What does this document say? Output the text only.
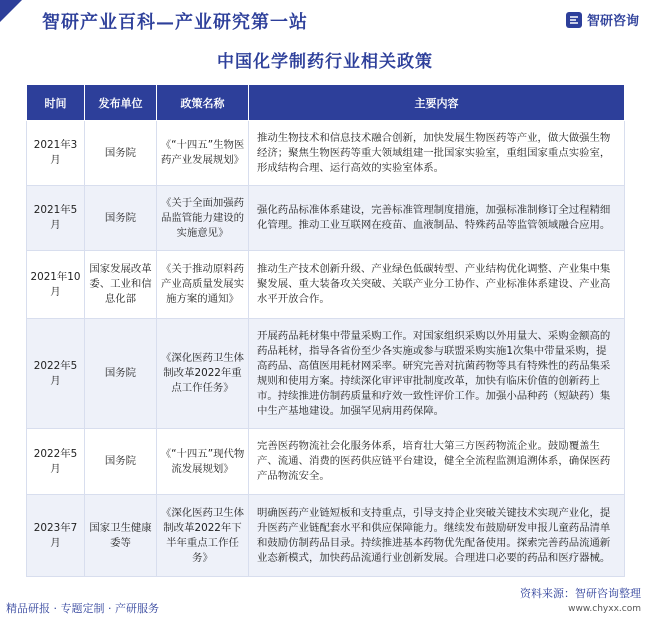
智研产业百科—产业研究第一站	智研咨询
中国化学制药行业相关政策
时间	发布单位	政策名称	主要内容
2021年3月	国务院	《“十四五”生物医药产业发展规划》	推动生物技术和信息技术融合创新，加快发展生物医药等产业，做大做强生物经济；聚焦生物医药等重大领域组建一批国家实验室，重组国家重点实验室，形成结构合理、运行高效的实验室体系。
2021年5月	国务院	《关于全面加强药品监管能力建设的实施意见》	强化药品标准体系建设，完善标准管理制度措施，加强标准制修订全过程精细化管理。推动工业互联网在疫苗、血液制品、特殊药品等监管领域融合应用。
2021年10月	国家发展改革委、工业和信息化部	《关于推动原料药产业高质量发展实施方案的通知》	推动生产技术创新升级、产业绿色低碳转型、产业结构优化调整、产业集中集聚发展、重大装备攻关突破、关联产业分工协作、产业标准体系建设、产业高水平开放合作。
2022年5月	国务院	《深化医药卫生体制改革2022年重点工作任务》	开展药品耗材集中带量采购工作。对国家组织采购以外用量大、采购金额高的药品耗材，指导各省份至少各实施或参与联盟采购实施1次集中带量采购，提高药品、高值医用耗材网采率。研究完善对抗菌药物等具有特殊性的药品集采规则和使用方案。持续深化审评审批制度改革，加快有临床价值的创新药上市。持续推进仿制药质量和疗效一致性评价工作。加强小品种药（短缺药）集中生产基地建设。加强罕见病用药保障。
2022年5月	国务院	《“十四五”现代物流发展规划》	完善医药物流社会化服务体系，培育壮大第三方医药物流企业。鼓励覆盖生产、流通、消费的医药供应链平台建设，健全全流程监测追溯体系，确保医药产品物流安全。
2023年7月	国家卫生健康委等	《深化医药卫生体制改革2022年下半年重点工作任务》	明确医药产业链短板和支持重点，引导支持企业突破关键技术实现产业化，提升医药产业链配套水平和供应保障能力。继续发布鼓励研发申报儿童药品清单和鼓励仿制药品目录。持续推进基本药物优先配备使用。探索完善药品流通新业态新模式，加快药品流通行业创新发展。合理进口必要的药品和医疗器械。
资料来源：智研咨询整理
www.chyxx.com
精品研报 · 专题定制 · 产研服务
